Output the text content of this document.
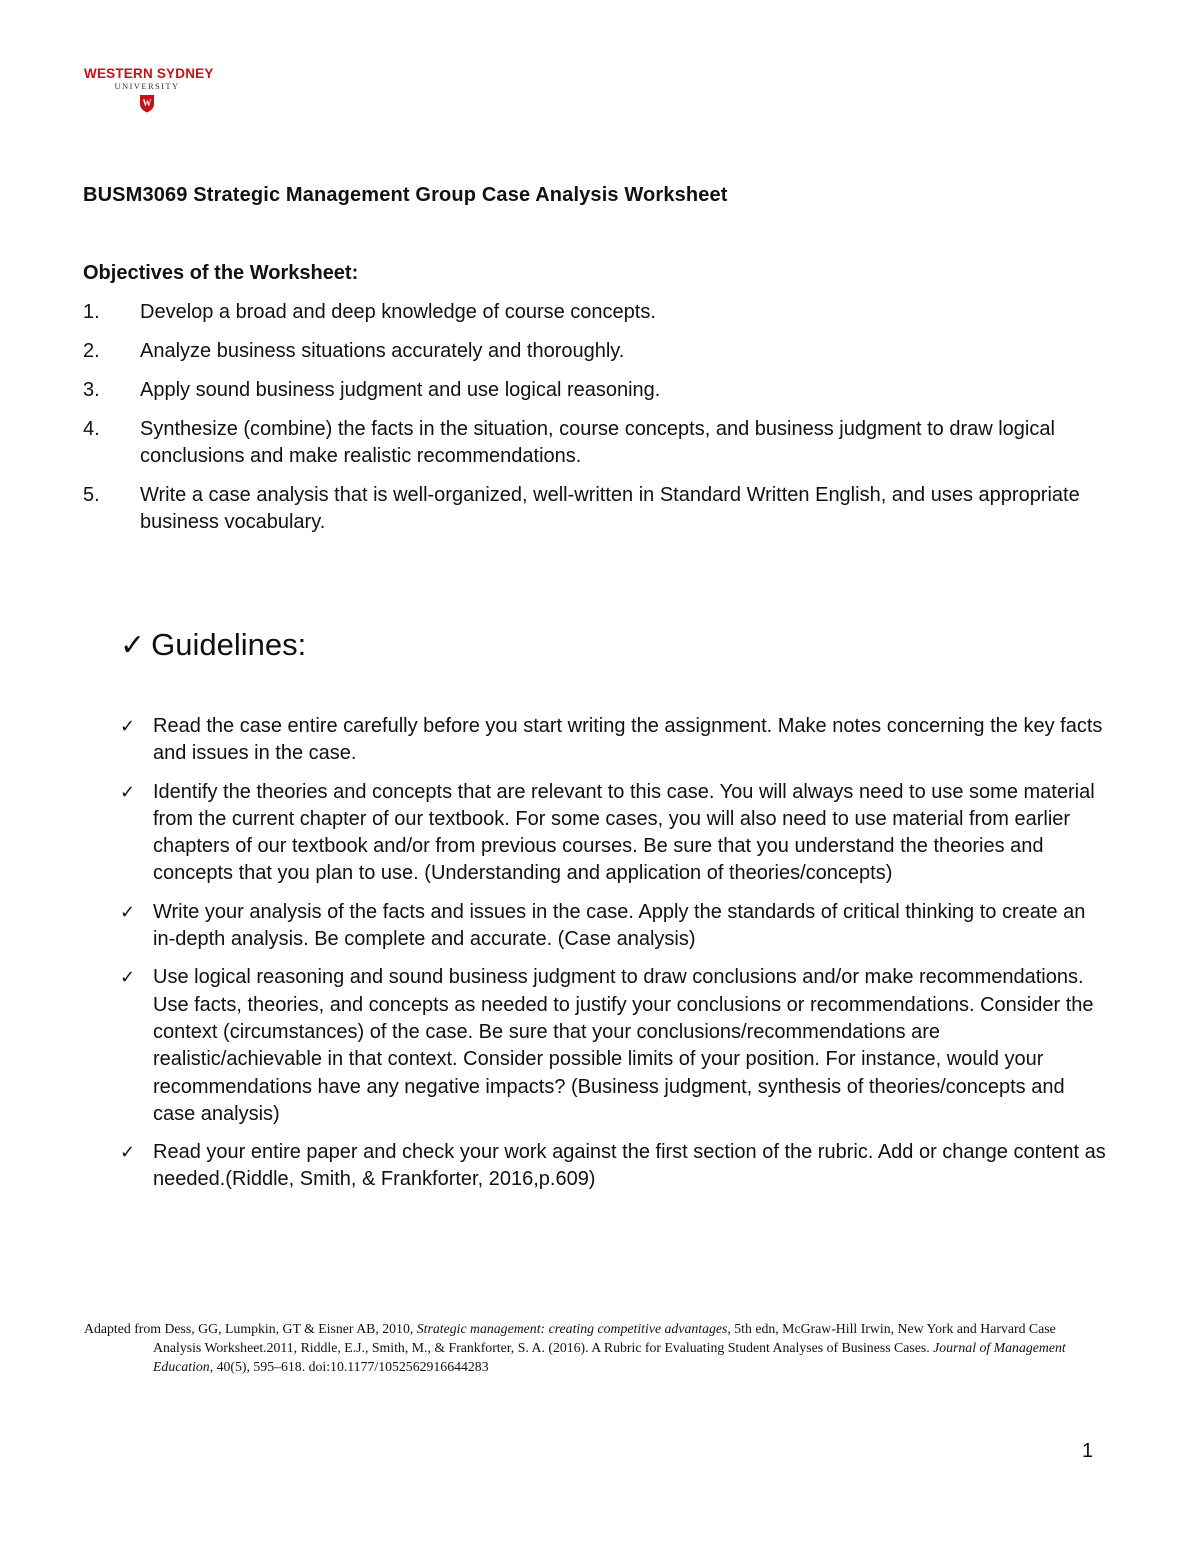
WESTERN SYDNEY
UNIVERSITY
W
BUSM3069 Strategic Management Group Case Analysis Worksheet
Objectives of the Worksheet:
1. Develop a broad and deep knowledge of course concepts.
2. Analyze business situations accurately and thoroughly.
3. Apply sound business judgment and use logical reasoning.
4. Synthesize (combine) the facts in the situation, course concepts, and business judgment to draw logical conclusions and make realistic recommendations.
5. Write a case analysis that is well-organized, well-written in Standard Written English, and uses appropriate business vocabulary.
✓ Guidelines:
✓ Read the case entire carefully before you start writing the assignment. Make notes concerning the key facts and issues in the case.
✓ Identify the theories and concepts that are relevant to this case. You will always need to use some material from the current chapter of our textbook. For some cases, you will also need to use material from earlier chapters of our textbook and/or from previous courses. Be sure that you understand the theories and concepts that you plan to use. (Understanding and application of theories/concepts)
✓ Write your analysis of the facts and issues in the case. Apply the standards of critical thinking to create an in-depth analysis. Be complete and accurate. (Case analysis)
✓ Use logical reasoning and sound business judgment to draw conclusions and/or make recommendations. Use facts, theories, and concepts as needed to justify your conclusions or recommendations. Consider the context (circumstances) of the case. Be sure that your conclusions/recommendations are realistic/achievable in that context. Consider possible limits of your position. For instance, would your recommendations have any negative impacts? (Business judgment, synthesis of theories/concepts and case analysis)
✓ Read your entire paper and check your work against the first section of the rubric. Add or change content as needed.(Riddle, Smith, & Frankforter, 2016,p.609)
Adapted from Dess, GG, Lumpkin, GT & Eisner AB, 2010, Strategic management: creating competitive advantages, 5th edn, McGraw-Hill Irwin, New York and Harvard Case Analysis Worksheet.2011, Riddle, E.J., Smith, M., & Frankforter, S. A. (2016). A Rubric for Evaluating Student Analyses of Business Cases. Journal of Management Education, 40(5), 595–618. doi:10.1177/1052562916644283
1
